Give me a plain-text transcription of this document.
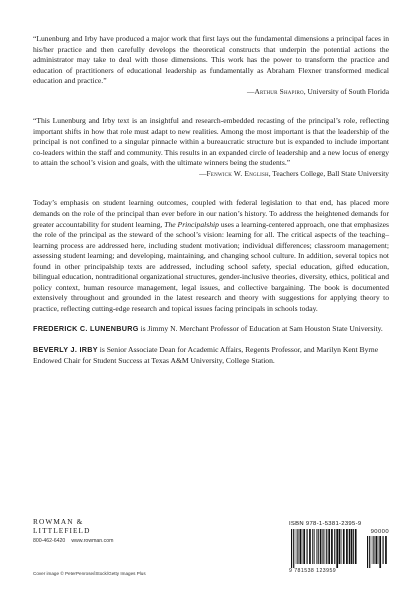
“Lunenburg and Irby have produced a major work that first lays out the fundamental dimensions a principal faces in his/her practice and then carefully develops the theoretical constructs that underpin the potential actions the administrator may take to deal with those dimensions. This work has the power to transform the practice and education of practitioners of educational leadership as fundamentally as Abraham Flexner transformed medical education and practice.”

—Arthur Shapiro, University of South Florida

“This Lunenburg and Irby text is an insightful and research-embedded recasting of the principal’s role, reflecting important shifts in how that role must adapt to new realities. Among the most important is that the leadership of the principal is not confined to a singular pinnacle within a bureaucratic structure but is expanded to include important co-leaders within the staff and community. This results in an expanded circle of leadership and a new locus of energy to attain the school’s vision and goals, with the ultimate winners being the students.”

—Fenwick W. English, Teachers College, Ball State University

Today’s emphasis on student learning outcomes, coupled with federal legislation to that end, has placed more demands on the role of the principal than ever before in our nation’s history. To address the heightened demands for greater accountability for student learning, The Principalship uses a learning-centered approach, one that emphasizes the role of the principal as the steward of the school’s vision: learning for all. The critical aspects of the teaching–learning process are addressed here, including student motivation; individual differences; classroom management; assessing student learning; and developing, maintaining, and changing school culture. In addition, several topics not found in other principalship texts are addressed, including school safety, special education, gifted education, bilingual education, nontraditional organizational structures, gender-inclusive theories, diversity, ethics, political and policy context, human resource management, legal issues, and collective bargaining. The book is documented extensively throughout and grounded in the latest research and theory with suggestions for applying theory to practice, reflecting cutting-edge research and topical issues facing principals in schools today.

FREDERICK C. LUNENBURG is Jimmy N. Merchant Professor of Education at Sam Houston State University.

BEVERLY J. IRBY is Senior Associate Dean for Academic Affairs, Regents Professor, and Marilyn Kent Byrne Endowed Chair for Student Success at Texas A&M University, College Station.

ROWMAN &
LITTLEFIELD
800-462-6420 www.rowman.com
Cover image © PeterPenrose/iStock/Getty Images Plus
ISBN 978-1-5381-2395-9
90000
9 781538 123959
